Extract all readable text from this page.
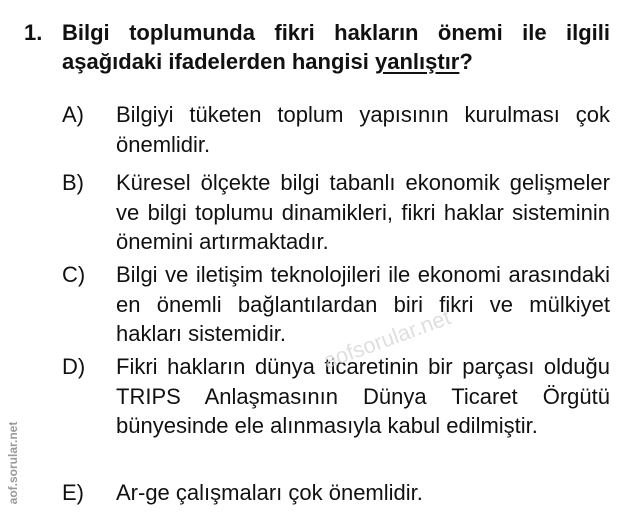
1. Bilgi toplumunda fikri hakların önemi ile ilgili aşağıdaki ifadelerden hangisi yanlıştır?
A)	Bilgiyi tüketen toplum yapısının kurulması çok önemlidir.
B)	Küresel ölçekte bilgi tabanlı ekonomik gelişmeler ve bilgi toplumu dinamikleri, fikri haklar sisteminin önemini artırmaktadır.
C)	Bilgi ve iletişim teknolojileri ile ekonomi arasındaki en önemli bağlantılardan biri fikri ve mülkiyet hakları sistemidir.
D)	Fikri hakların dünya ticaretinin bir parçası olduğu TRIPS Anlaşmasının Dünya Ticaret Örgütü bünyesinde ele alınmasıyla kabul edilmiştir.
E)	Ar-ge çalışmaları çok önemlidir.
aofsorular.net
aof.sorular.net
